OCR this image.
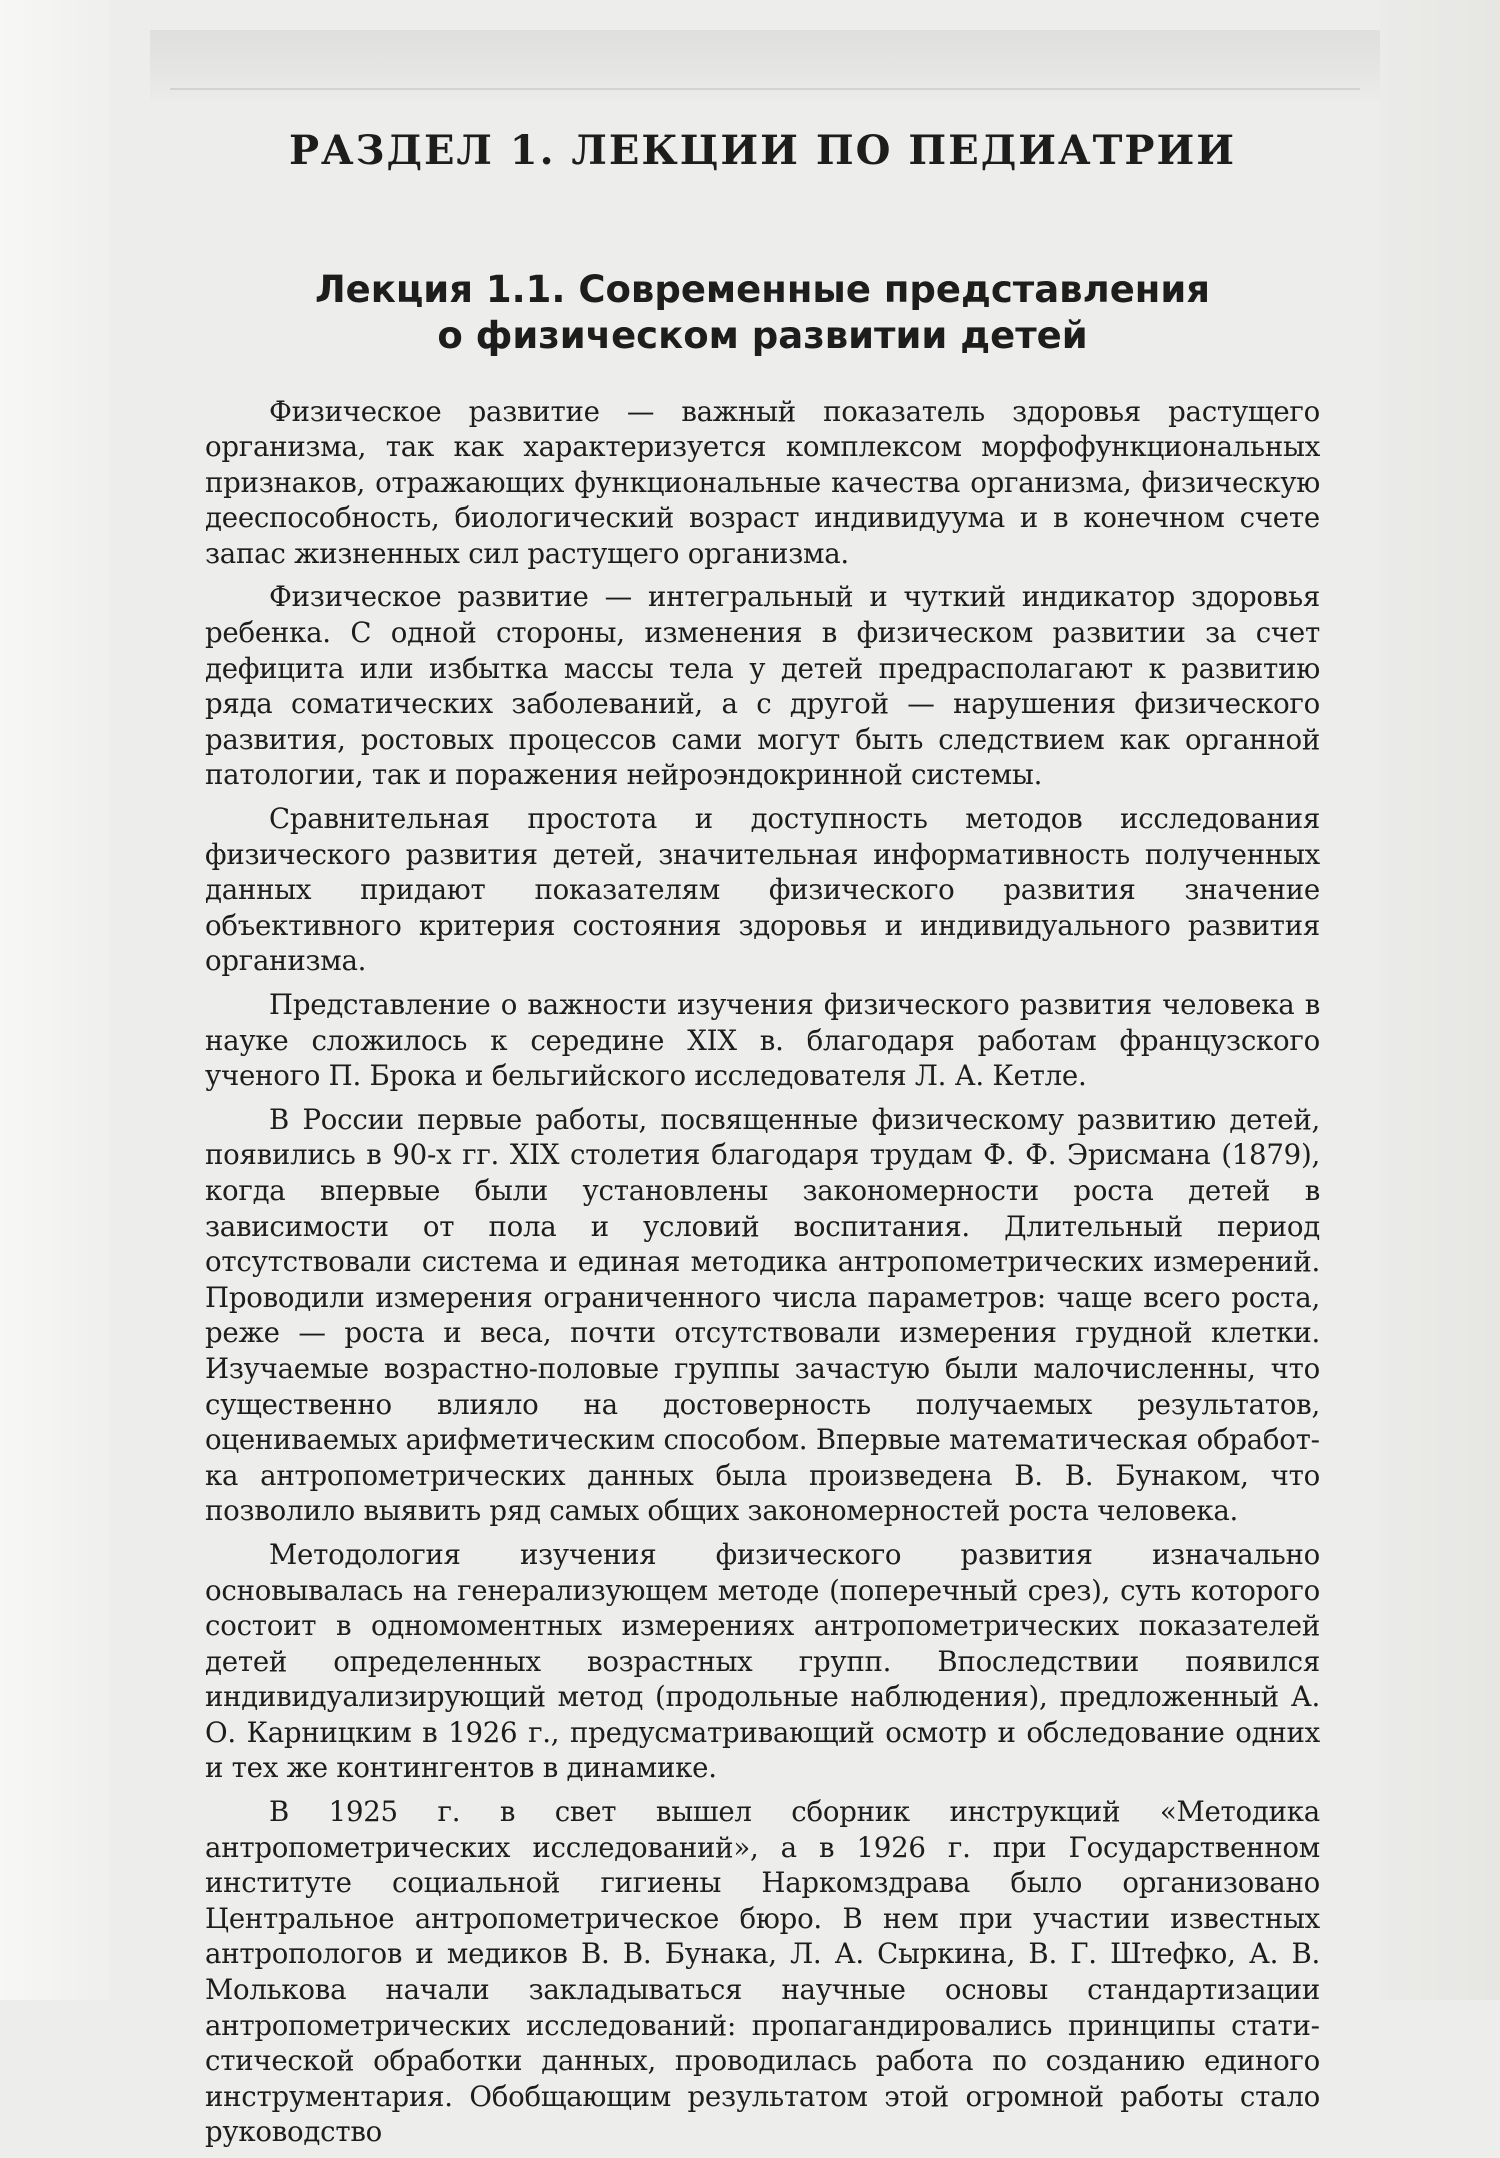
РАЗДЕЛ 1. ЛЕКЦИИ ПО ПЕДИАТРИИ
Лекция 1.1. Современные представления
о физическом развитии детей

Физическое развитие — важный показатель здоровья растущего организма, так как характеризуется комплексом морфофункциональных признаков, отражающих функциональные качества организма, физическую дееспособность, биологический возраст индивидуума и в конечном счете запас жизненных сил растущего организма.

Физическое развитие — интегральный и чуткий индикатор здоровья ребенка. С одной стороны, изменения в физическом развитии за счет дефицита или избытка массы тела у детей предрасполагают к развитию ряда соматических заболеваний, а с другой — нарушения физического развития, ростовых процессов сами могут быть следствием как органной патологии, так и поражения нейроэндокринной системы.

Сравнительная простота и доступность методов исследования физического развития детей, значительная информативность полученных данных придают показателям физического развития значение объективного критерия состояния здоровья и индивидуального развития организма.

Представление о важности изучения физического развития человека в науке сложилось к середине XIX в. благодаря работам французского ученого П. Брока и бельгийского исследователя Л. А. Кетле.

В России первые работы, посвященные физическому развитию детей, появились в 90-х гг. XIX столетия благодаря трудам Ф. Ф. Эрисмана (1879), когда впервые были установлены закономерности роста детей в зависимости от пола и условий воспитания. Длительный период отсутствовали система и единая методика антропометрических измерений. Проводили измерения ограниченного числа параметров: чаще всего роста, реже — роста и веса, почти отсутствовали измерения грудной клетки. Изучаемые возрастно-половые группы зачастую были малочисленны, что существенно влияло на достоверность получаемых результатов, оцениваемых арифметическим способом. Впервые математическая обработка антропометрических данных была произведена В. В. Бунаком, что позволило выявить ряд самых общих закономерностей роста человека.

Методология изучения физического развития изначально основывалась на генерализующем методе (поперечный срез), суть которого состоит в одномоментных измерениях антропометрических показателей детей определенных возрастных групп. Впоследствии появился индивидуализирующий метод (продольные наблюдения), предложенный А. О. Карницким в 1926 г., предусматривающий осмотр и обследование одних и тех же контингентов в динамике.

В 1925 г. в свет вышел сборник инструкций «Методика антропометрических исследований», а в 1926 г. при Государственном институте социальной гигиены Наркомздрава было организовано Центральное антропометрическое бюро. В нем при участии известных антропологов и медиков В. В. Бунака, Л. А. Сыркина, В. Г. Штефко, А. В. Молькова начали закладываться научные основы стандартизации антропометрических исследований: пропагандировались принципы статистической обработки данных, проводилась работа по созданию единого инструментария. Обобщающим результатом этой огромной работы стало руководство
